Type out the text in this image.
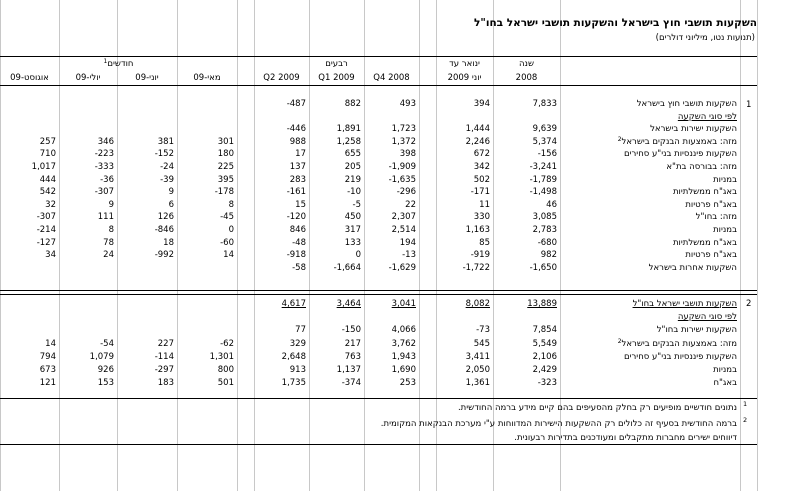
השקעות תושבי חוץ בישראל והשקעות תושבי ישראל בחו"ל
(תנועות נטו, מיליוני דולרים)
שנה
ינואר עד
רבעים
חודשים$^1$
2008
יוני 2009
Q4 2008
Q1 2009
Q2 2009
מאי-09
יוני-09
יולי-09
אוגוסט-09
1
2
השקעות תושבי חוץ בישראל
7,833
394
493
882
-487
לפי סוגי השקעה
השקעות ישירות בישראל
9,639
1,444
1,723
1,891
-446
מזה: באמצעות הבנקים בישראל$^2$
5,374
2,246
1,372
1,258
988
301
381
346
257
השקעות פיננסיות בני"ע סחירים
-156
672
398
655
17
180
-152
-223
710
מזה: בבורסה בת"א
-3,241
342
-1,909
205
137
225
-24
-333
1,017
במניות
-1,789
502
-1,635
219
283
395
-39
-36
444
באג"ח ממשלתיות
-1,498
-171
-296
-10
-161
-178
9
-307
542
באג"ח פרטיות
46
11
22
-5
15
8
6
9
32
מזה: בחו"ל
3,085
330
2,307
450
-120
-45
126
111
-307
במניות
2,783
1,163
2,514
317
846
0
-846
8
-214
באג"ח ממשלתיות
-680
85
194
133
-48
-60
18
78
-127
באג"ח פרטיות
982
-919
-13
0
-918
14
-992
24
34
השקעות אחרות בישראל
-1,650
-1,722
-1,629
-1,664
-58
השקעות תושבי ישראל בחו"ל
13,889
8,082
3,041
3,464
4,617
לפי סוגי השקעה
השקעות ישירות בחו"ל
7,854
-73
4,066
-150
77
מזה: באמצעות הבנקים בישראל$^2$
5,549
545
3,762
217
329
-62
227
-54
14
השקעות פיננסיות בני"ע סחירים
2,106
3,411
1,943
763
2,648
1,301
-114
1,079
794
במניות
2,429
2,050
1,690
1,137
913
800
-297
926
673
באג"ח
-323
1,361
253
-374
1,735
501
183
153
121
1
נתונים חודשיים מופיעים רק בחלק מהסעיפים בהם קיים מידע ברמה החודשית.
2
ברמה החודשית בסעיף זה כלולים רק ההשקעות הישירות המדווחות ע"י מערכת הבנקאות המקומית.
דיווחים ישירים מחברות מתקבלים ומעודכנים בתדירות רבעונית.
